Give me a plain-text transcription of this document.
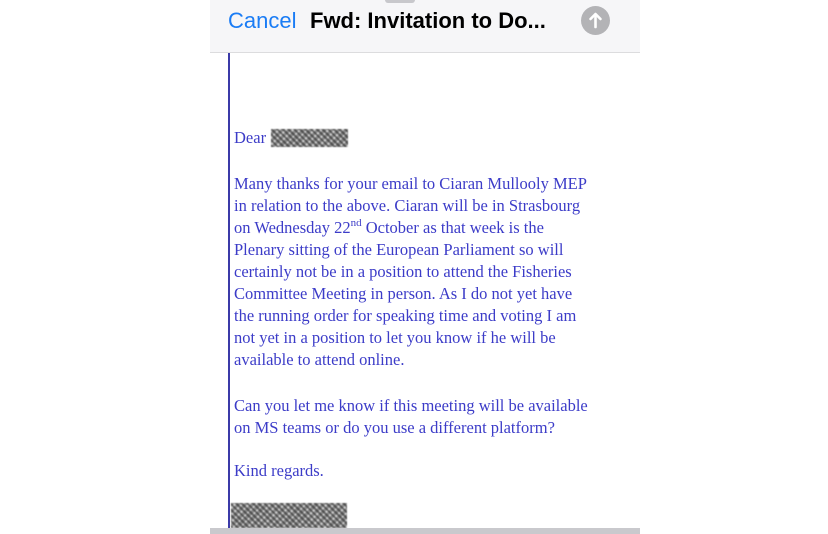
Cancel Fwd: Invitation to Do...
Dear
Many thanks for your email to Ciaran Mullooly MEP
in relation to the above. Ciaran will be in Strasbourg
on Wednesday 22nd October as that week is the
Plenary sitting of the European Parliament so will
certainly not be in a position to attend the Fisheries
Committee Meeting in person. As I do not yet have
the running order for speaking time and voting I am
not yet in a position to let you know if he will be
available to attend online.
Can you let me know if this meeting will be available
on MS teams or do you use a different platform?
Kind regards.
